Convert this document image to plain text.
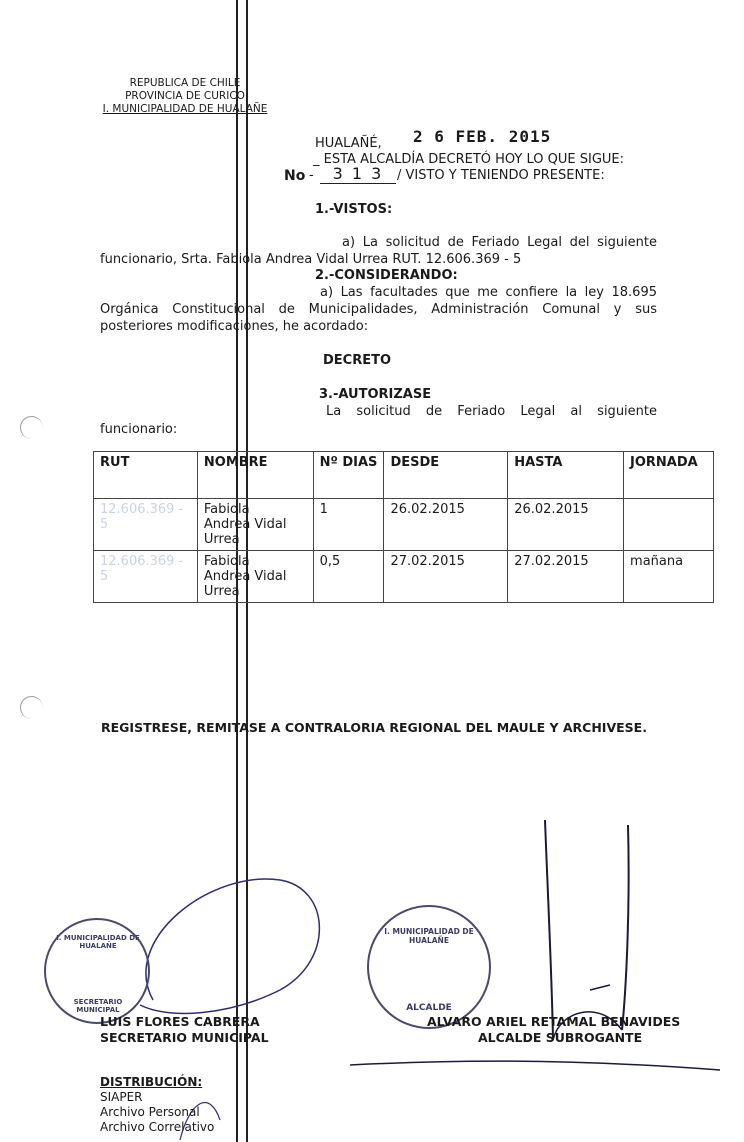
REPUBLICA DE CHILE
PROVINCIA DE CURICO
I. MUNICIPALIDAD DE HUALAÑE
HUALAÑÉ, 2 6 FEB. 2015
_ ESTA ALCALDÍA DECRETÓ HOY LO QUE SIGUE:
No -	3 1 3	/ VISTO Y TENIENDO PRESENTE:
1.-VISTOS:
a) La solicitud de Feriado Legal del siguiente
funcionario, Srta. Fabiola Andrea Vidal Urrea RUT. 12.606.369 - 5
2.-CONSIDERANDO:
a) Las facultades que me confiere la ley 18.695
Orgánica Constitucional de Municipalidades, Administración Comunal y sus
posteriores modificaciones, he acordado:
DECRETO
3.-AUTORIZASE
La solicitud de Feriado Legal al siguiente
funcionario:
RUT	NOMBRE	Nº DIAS	DESDE	HASTA	JORNADA
12.606.369 - 5	Fabiola
Andrea Vidal
Urrea	1	26.02.2015	26.02.2015	
12.606.369 - 5	Fabiola
Andrea Vidal
Urrea	0,5	27.02.2015	27.02.2015	mañana
REGISTRESE, REMITASE A CONTRALORIA REGIONAL DEL MAULE Y ARCHIVESE.
I. MUNICIPALIDAD DE HUALAÑE
SECRETARIO MUNICIPAL
I. MUNICIPALIDAD DE HUALAÑE
ALCALDE
LUIS FLORES CABRERA
SECRETARIO MUNICIPAL
ALVARO ARIEL RETAMAL BENAVIDES
ALCALDE SUBROGANTE
DISTRIBUCIÓN:
SIAPER
Archivo Personal
Archivo Correlativo
